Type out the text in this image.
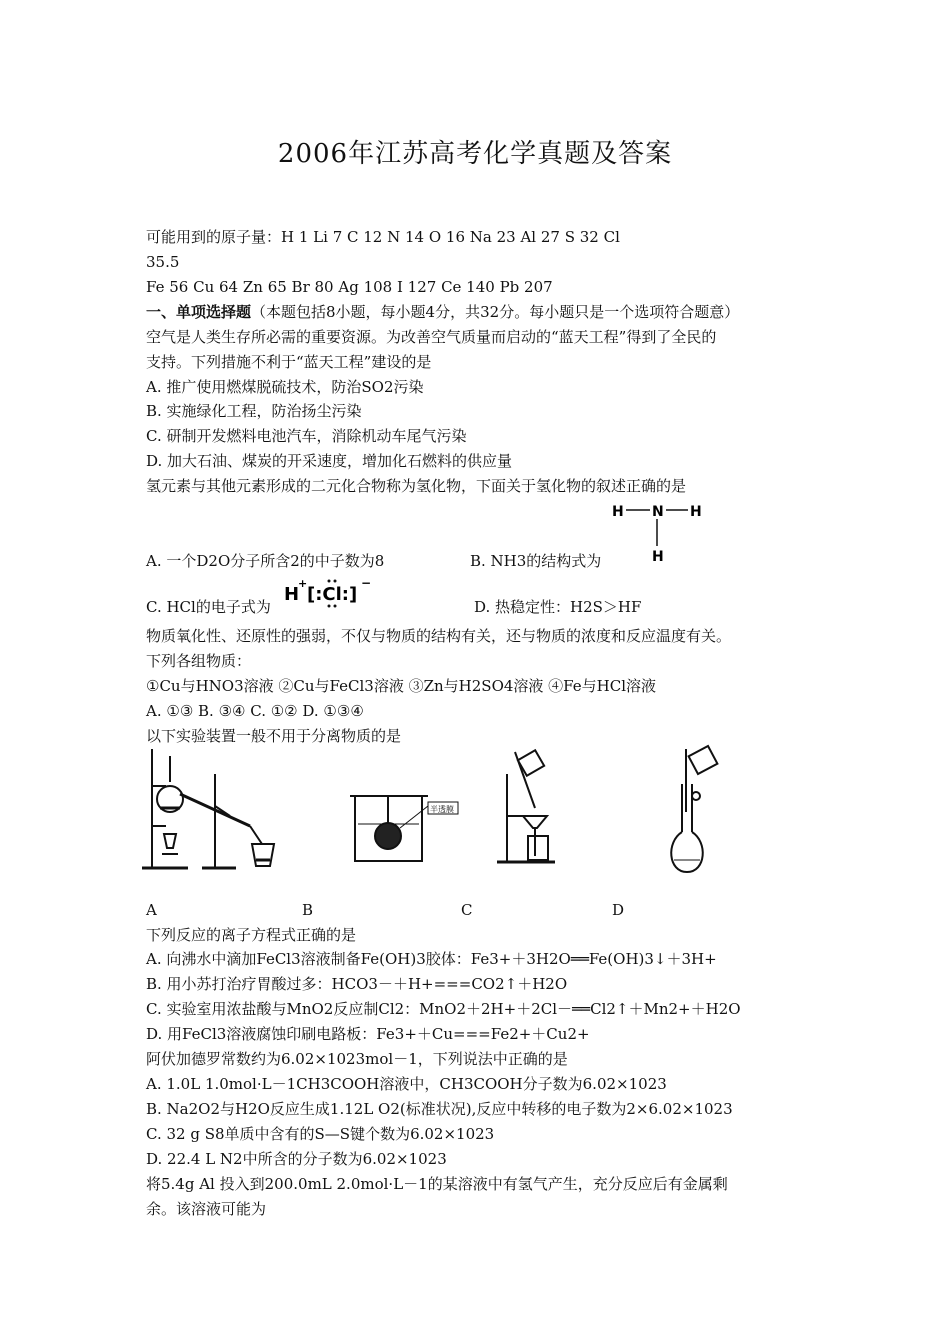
2006年江苏高考化学真题及答案
可能用到的原子量：H 1 Li 7 C 12 N 14 O 16 Na 23 Al 27 S 32 Cl
35.5
Fe 56 Cu 64 Zn 65 Br 80 Ag 108 I 127 Ce 140 Pb 207
一、单项选择题（本题包括8小题，每小题4分，共32分。每小题只是一个选项符合题意）
空气是人类生存所必需的重要资源。为改善空气质量而启动的“蓝天工程”得到了全民的
支持。下列措施不利于“蓝天工程”建设的是
A. 推广使用燃煤脱硫技术，防治SO2污染
B. 实施绿化工程，防治扬尘污染
C. 研制开发燃料电池汽车，消除机动车尾气污染
D. 加大石油、煤炭的开采速度，增加化石燃料的供应量
氢元素与其他元素形成的二元化合物称为氢化物，下面关于氢化物的叙述正确的是
H N H
H
A. 一个D2O分子所含2的中子数为8	B. NH3的结构式为
C. HCl的电子式为
H
+
[:Cl:]
−
D. 热稳定性：H2S＞HF
物质氧化性、还原性的强弱，不仅与物质的结构有关，还与物质的浓度和反应温度有关。
下列各组物质：
①Cu与HNO3溶液 ②Cu与FeCl3溶液 ③Zn与H2SO4溶液 ④Fe与HCl溶液
A. ①③ B. ③④ C. ①② D. ①③④
以下实验装置一般不用于分离物质的是
半透膜
A	B	C	D
下列反应的离子方程式正确的是
A. 向沸水中滴加FeCl3溶液制备Fe(OH)3胶体：Fe3+＋3H2O══Fe(OH)3↓＋3H+
B. 用小苏打治疗胃酸过多：HCO3－＋H+===CO2↑＋H2O
C. 实验室用浓盐酸与MnO2反应制Cl2：MnO2＋2H+＋2Cl－══Cl2↑＋Mn2+＋H2O
D. 用FeCl3溶液腐蚀印刷电路板：Fe3+＋Cu===Fe2+＋Cu2+
阿伏加德罗常数约为6.02×1023mol－1，下列说法中正确的是
A. 1.0L 1.0mol·L－1CH3COOH溶液中，CH3COOH分子数为6.02×1023
B. Na2O2与H2O反应生成1.12L O2(标准状况),反应中转移的电子数为2×6.02×1023
C. 32 g S8单质中含有的S—S键个数为6.02×1023
D. 22.4 L N2中所含的分子数为6.02×1023
将5.4g Al 投入到200.0mL 2.0mol·L－1的某溶液中有氢气产生，充分反应后有金属剩
余。该溶液可能为
